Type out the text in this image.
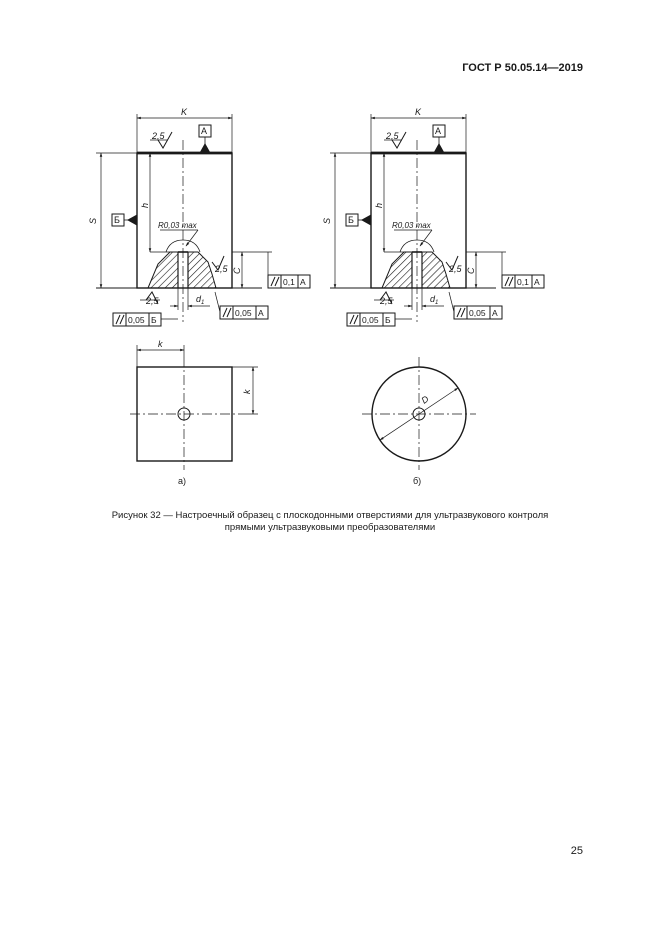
ГОСТ Р 50.05.14—2019
K
S
h
C
$d_1$
2,5
2,5
2,5
R0,03 max
А
Б
0,1 А
0,05 А
0,05 Б
K
S
h
C
$d_1$
2,5
2,5
2,5
R0,03 max
А
Б
0,1 А
0,05 А
0,05 Б
k
k
а)
D
б)
Рисунок 32 — Настроечный образец с плоскодонными отверстиями для ультразвукового контроля
прямыми ультразвуковыми преобразователями
25
